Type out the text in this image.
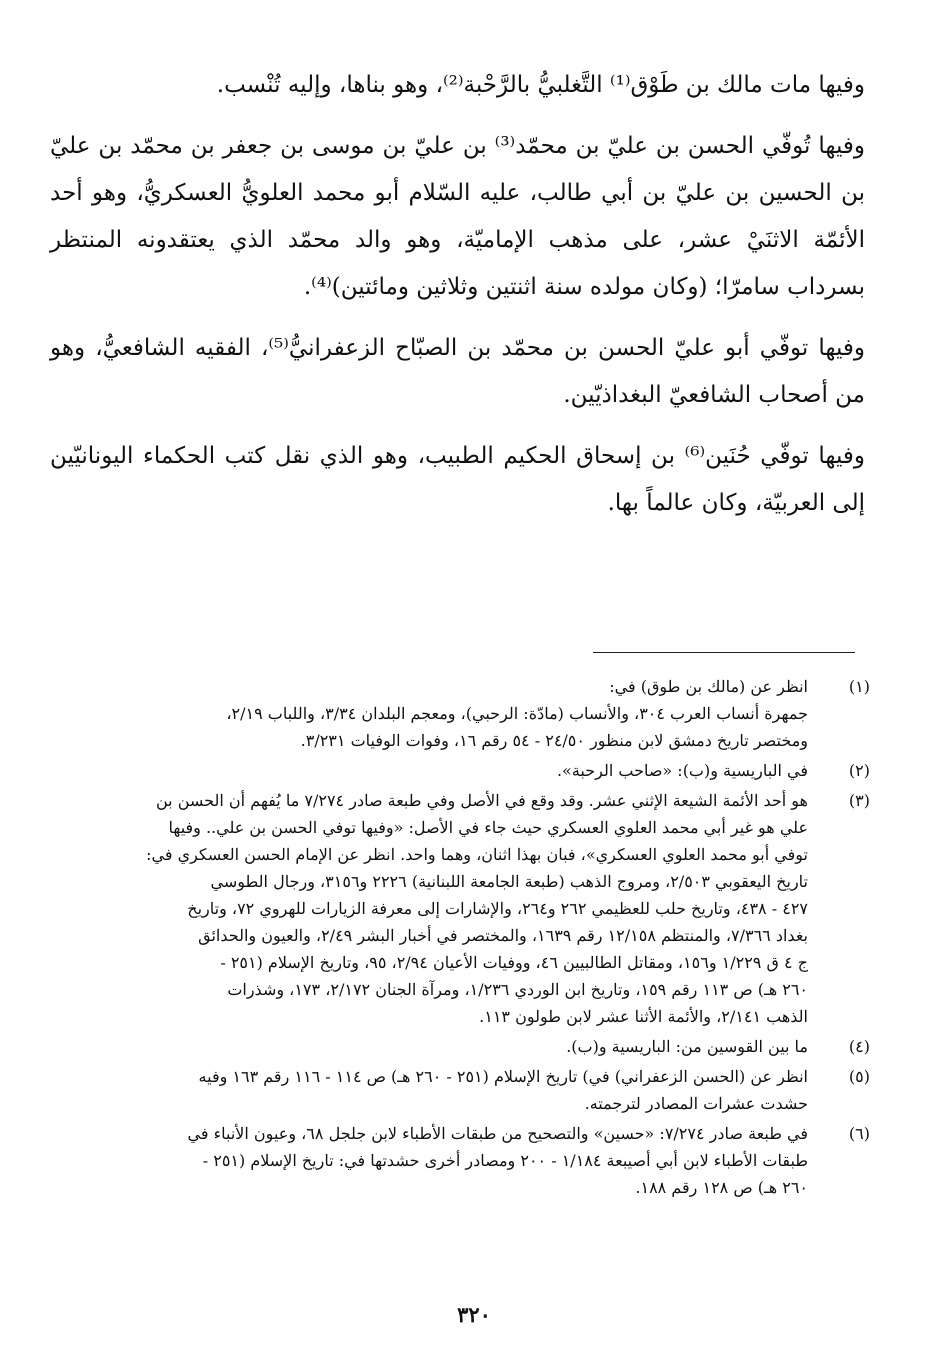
وفيها مات مالك بن طَوْق⁽¹⁾ التَّغلبيُّ بالرَّحْبة⁽²⁾، وهو بناها، وإليه تُنْسب.

وفيها تُوفّي الحسن بن عليّ بن محمّد⁽³⁾ بن عليّ بن موسى بن جعفر بن محمّد بن عليّ بن الحسين بن عليّ بن أبي طالب، عليه السّلام أبو محمد العلويُّ العسكريُّ، وهو أحد الأئمّة الاثنَيْ عشر، على مذهب الإماميّة، وهو والد محمّد الذي يعتقدونه المنتظر بسرداب سامرّا؛ (وكان مولده سنة اثنتين وثلاثين ومائتين)⁽⁴⁾.

وفيها توفّي أبو عليّ الحسن بن محمّد بن الصبّاح الزعفرانيُّ⁽⁵⁾، الفقيه الشافعيُّ، وهو من أصحاب الشافعيّ البغداذيّين.

وفيها توفّي حُنَين⁽⁶⁾ بن إسحاق الحكيم الطبيب، وهو الذي نقل كتب الحكماء اليونانيّين إلى العربيّة، وكان عالماً بها.

(١)
انظر عن (مالك بن طوق) في:
جمهرة أنساب العرب ٣٠٤، والأنساب (مادّة: الرحبي)، ومعجم البلدان ٣/٣٤، واللباب ٢/١٩،
ومختصر تاريخ دمشق لابن منظور ٢٤/٥٠ - ٥٤ رقم ١٦، وفوات الوفيات ٣/٢٣١.
(٢)
في الباريسية و(ب): «صاحب الرحبة».
(٣)
هو أحد الأئمة الشيعة الإثني عشر. وقد وقع في الأصل وفي طبعة صادر ٧/٢٧٤ ما يُفهم أن الحسن بن
علي هو غير أبي محمد العلوي العسكري حيث جاء في الأصل: «وفيها توفي الحسن بن علي.. وفيها
توفي أبو محمد العلوي العسكري»، فبان بهذا اثنان، وهما واحد. انظر عن الإمام الحسن العسكري في:
تاريخ اليعقوبي ٢/٥٠٣، ومروج الذهب (طبعة الجامعة اللبنانية) ٢٢٢٦ و٣١٥٦، ورجال الطوسي
٤٢٧ - ٤٣٨، وتاريخ حلب للعظيمي ٢٦٢ و٢٦٤، والإشارات إلى معرفة الزيارات للهروي ٧٢، وتاريخ
بغداد ٧/٣٦٦، والمنتظم ١٢/١٥٨ رقم ١٦٣٩، والمختصر في أخبار البشر ٢/٤٩، والعيون والحدائق
ج ٤ ق ١/٢٢٩ و١٥٦، ومقاتل الطالبيين ٤٦، ووفيات الأعيان ٢/٩٤، ٩٥، وتاريخ الإسلام (٢٥١ -
٢٦٠ هـ) ص ١١٣ رقم ١٥٩، وتاريخ ابن الوردي ١/٢٣٦، ومرآة الجنان ٢/١٧٢، ١٧٣، وشذرات
الذهب ٢/١٤١، والأئمة الأثنا عشر لابن طولون ١١٣.
(٤)
ما بين القوسين من: الباريسية و(ب).
(٥)
انظر عن (الحسن الزعفراني) في) تاريخ الإسلام (٢٥١ - ٢٦٠ هـ) ص ١١٤ - ١١٦ رقم ١٦٣ وفيه
حشدت عشرات المصادر لترجمته.
(٦)
في طبعة صادر ٧/٢٧٤: «حسين» والتصحيح من طبقات الأطباء لابن جلجل ٦٨، وعيون الأنباء في
طبقات الأطباء لابن أبي أصيبعة ١/١٨٤ - ٢٠٠ ومصادر أخرى حشدتها في: تاريخ الإسلام (٢٥١ -
٢٦٠ هـ) ص ١٢٨ رقم ١٨٨.
٣٢٠
